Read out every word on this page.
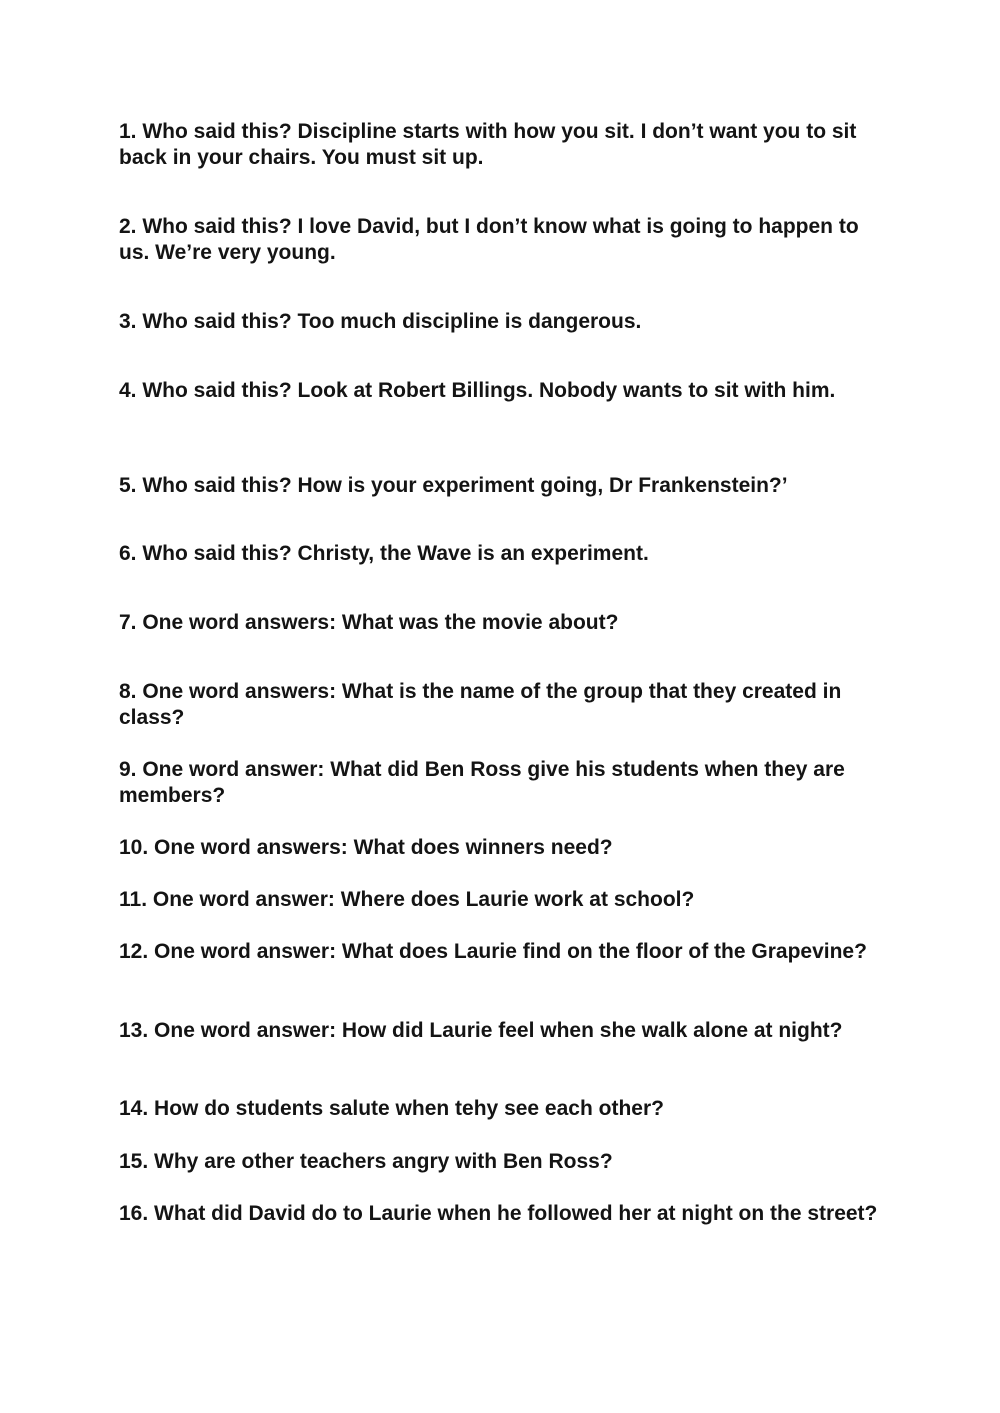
1. Who said this? Discipline starts with how you sit. I don’t want you to sit back in your chairs. You must sit up.

2. Who said this? I love David, but I don’t know what is going to happen to us. We’re very young.

3. Who said this? Too much discipline is dangerous.

4. Who said this? Look at Robert Billings. Nobody wants to sit with him.

5. Who said this? How is your experiment going, Dr Frankenstein?’

6. Who said this? Christy, the Wave is an experiment.

7. One word answers: What was the movie about?

8. One word answers: What is the name of the group that they created in class?

9. One word answer: What did Ben Ross give his students when they are members?

10. One word answers: What does winners need?

11. One word answer: Where does Laurie work at school?

12. One word answer: What does Laurie find on the floor of the Grapevine?

13. One word answer: How did Laurie feel when she walk alone at night?

14. How do students salute when tehy see each other?

15. Why are other teachers angry with Ben Ross?

16. What did David do to Laurie when he followed her at night on the street?
